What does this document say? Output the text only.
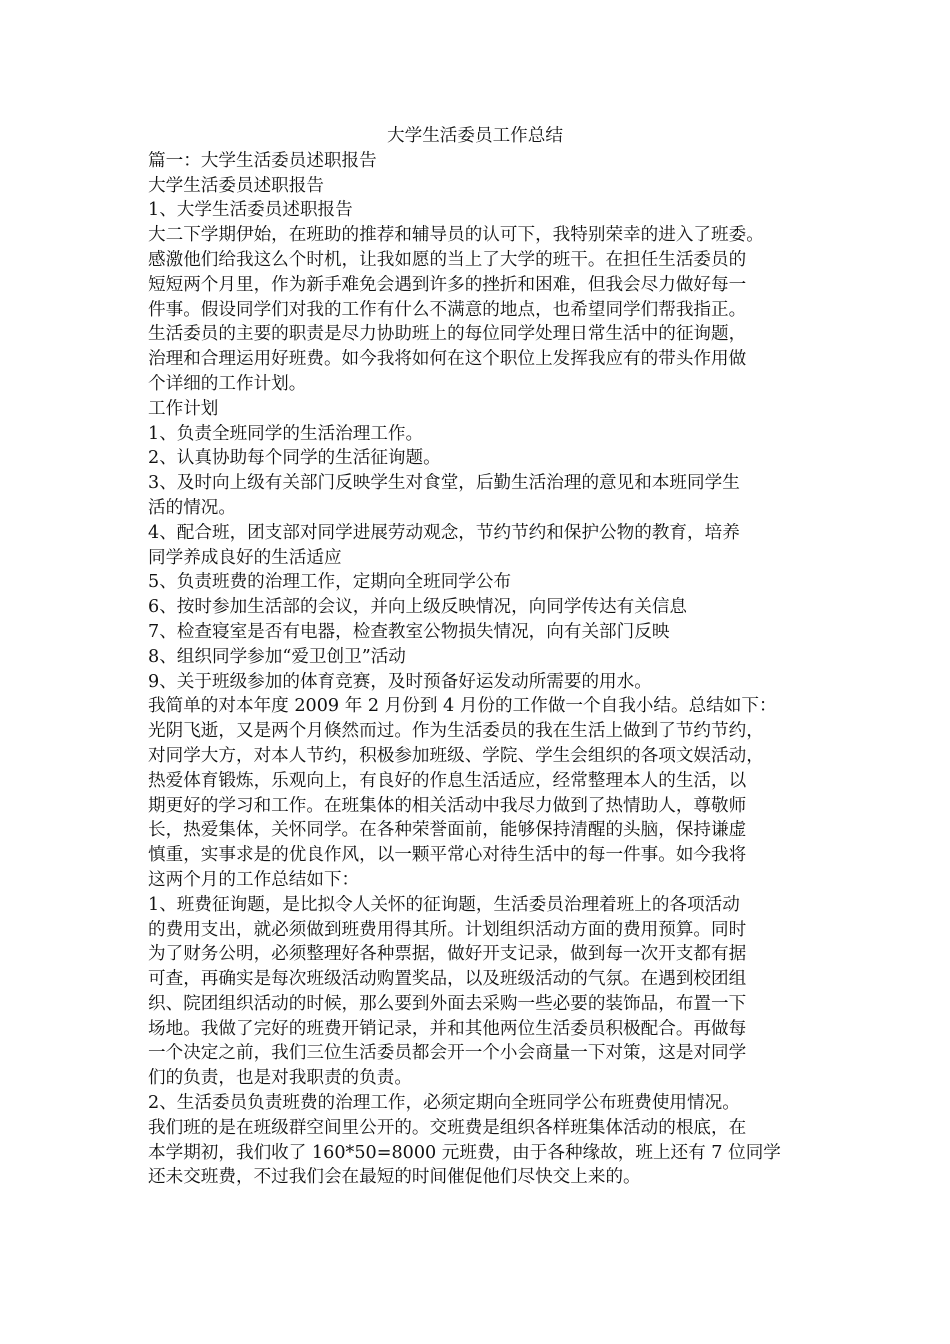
大学生活委员工作总结
篇一：大学生活委员述职报告
大学生活委员述职报告
1、大学生活委员述职报告
大二下学期伊始，在班助的推荐和辅导员的认可下，我特别荣幸的进入了班委。
感激他们给我这么个时机，让我如愿的当上了大学的班干。在担任生活委员的
短短两个月里，作为新手难免会遇到许多的挫折和困难，但我会尽力做好每一
件事。假设同学们对我的工作有什么不满意的地点，也希望同学们帮我指正。
生活委员的主要的职责是尽力协助班上的每位同学处理日常生活中的征询题，
治理和合理运用好班费。如今我将如何在这个职位上发挥我应有的带头作用做
个详细的工作计划。
工作计划
1、负责全班同学的生活治理工作。
2、认真协助每个同学的生活征询题。
3、及时向上级有关部门反映学生对食堂，后勤生活治理的意见和本班同学生
活的情况。
4、配合班，团支部对同学进展劳动观念，节约节约和保护公物的教育，培养
同学养成良好的生活适应
5、负责班费的治理工作，定期向全班同学公布
6、按时参加生活部的会议，并向上级反映情况，向同学传达有关信息
7、检查寝室是否有电器，检查教室公物损失情况，向有关部门反映
8、组织同学参加“爱卫创卫”活动
9、关于班级参加的体育竞赛，及时预备好运发动所需要的用水。
我简单的对本年度 2009 年 2 月份到 4 月份的工作做一个自我小结。总结如下：
光阴飞逝，又是两个月倏然而过。作为生活委员的我在生活上做到了节约节约，
对同学大方，对本人节约，积极参加班级、学院、学生会组织的各项文娱活动，
热爱体育锻炼，乐观向上，有良好的作息生活适应，经常整理本人的生活，以
期更好的学习和工作。在班集体的相关活动中我尽力做到了热情助人，尊敬师
长，热爱集体，关怀同学。在各种荣誉面前，能够保持清醒的头脑，保持谦虚
慎重，实事求是的优良作风，以一颗平常心对待生活中的每一件事。如今我将
这两个月的工作总结如下：
1、班费征询题，是比拟令人关怀的征询题，生活委员治理着班上的各项活动
的费用支出，就必须做到班费用得其所。计划组织活动方面的费用预算。同时
为了财务公明，必须整理好各种票据，做好开支记录，做到每一次开支都有据
可查，再确实是每次班级活动购置奖品，以及班级活动的气氛。在遇到校团组
织、院团组织活动的时候，那么要到外面去采购一些必要的装饰品，布置一下
场地。我做了完好的班费开销记录，并和其他两位生活委员积极配合。再做每
一个决定之前，我们三位生活委员都会开一个小会商量一下对策，这是对同学
们的负责，也是对我职责的负责。
2、生活委员负责班费的治理工作，必须定期向全班同学公布班费使用情况。
我们班的是在班级群空间里公开的。交班费是组织各样班集体活动的根底，在
本学期初，我们收了 160*50=8000 元班费，由于各种缘故，班上还有 7 位同学
还未交班费，不过我们会在最短的时间催促他们尽快交上来的。
